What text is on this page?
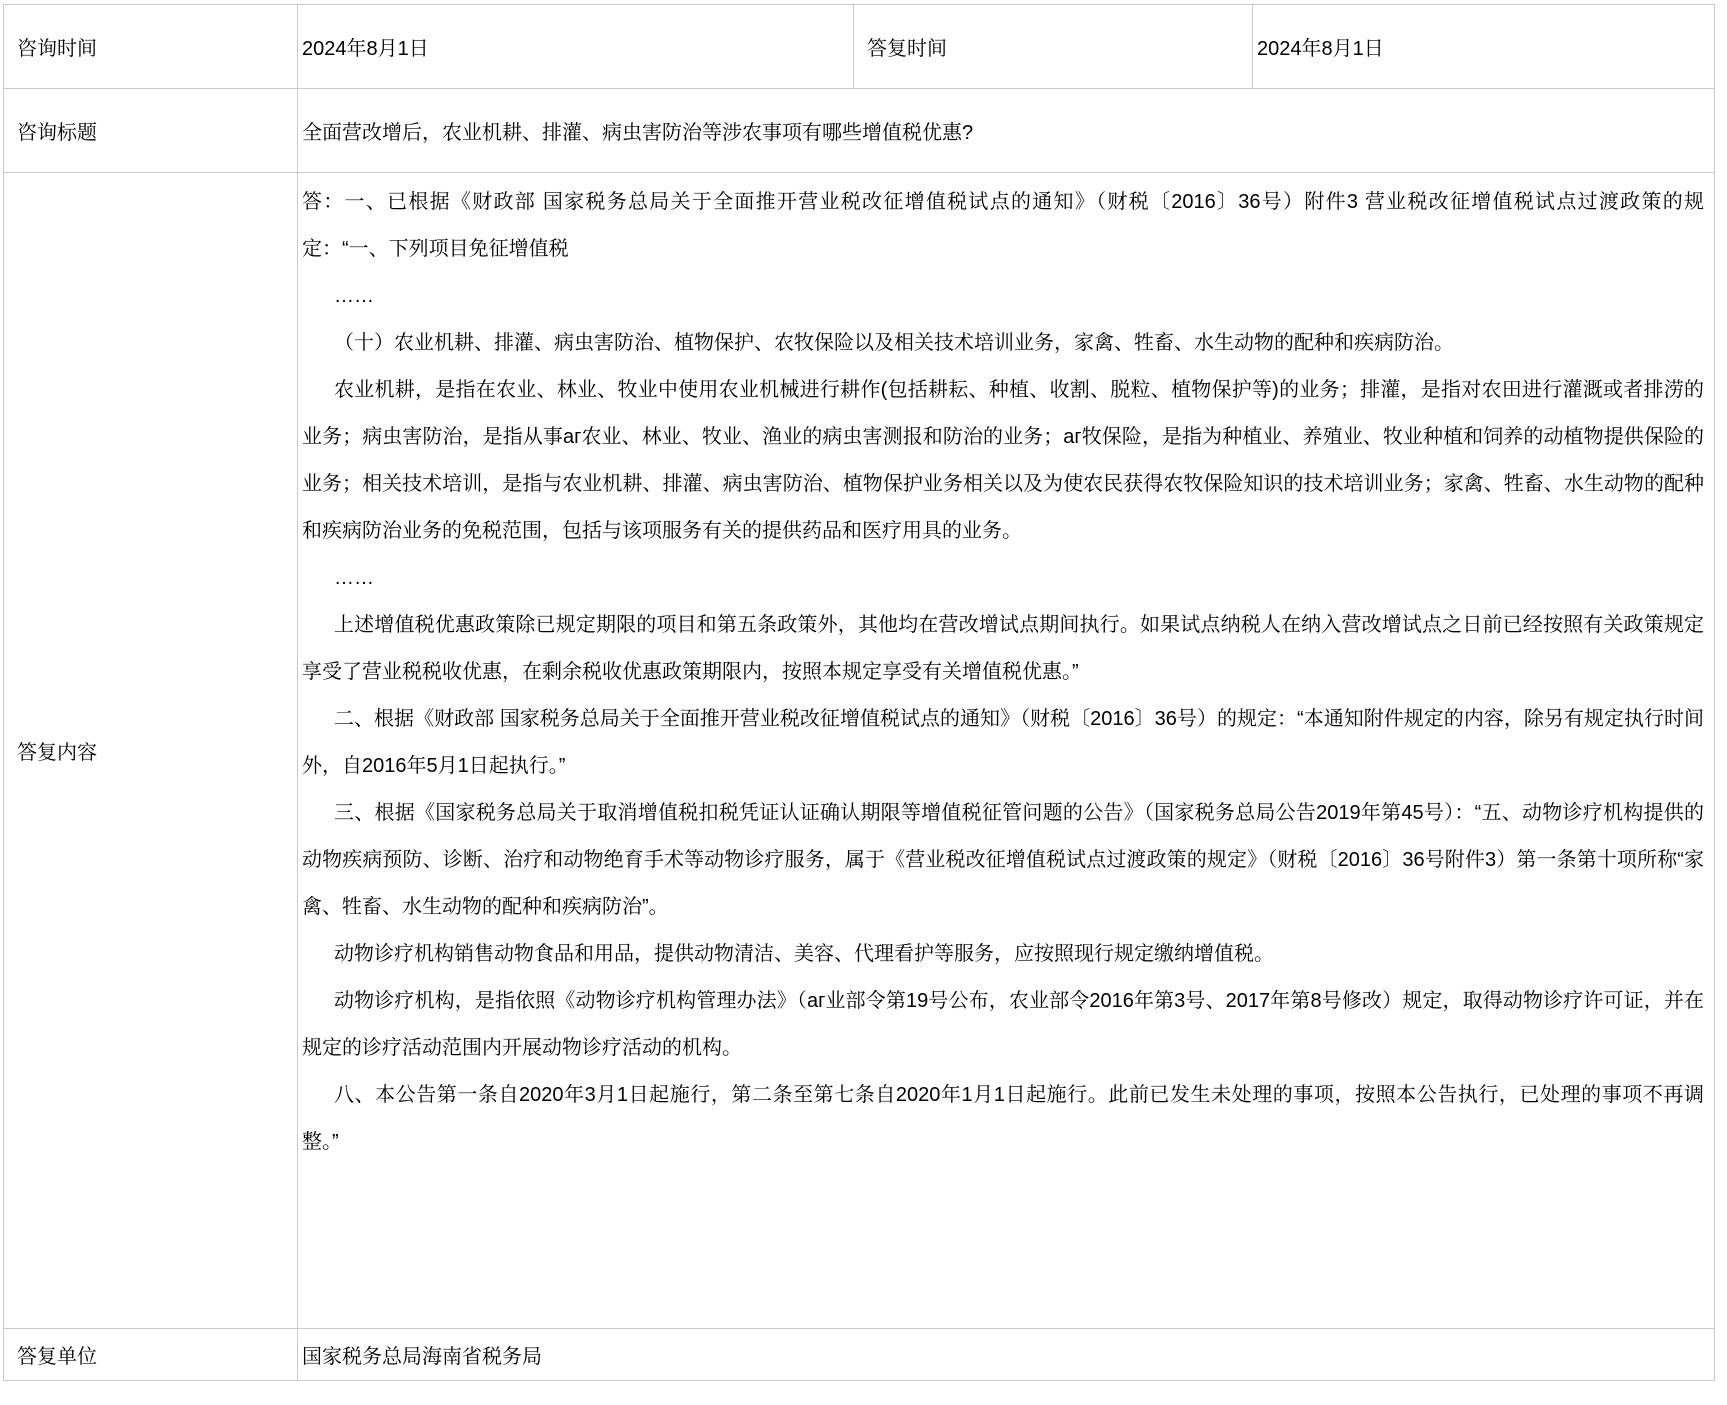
咨询时间	2024年8月1日	答复时间	2024年8月1日
咨询标题	全面营改增后，农业机耕、排灌、病虫害防治等涉农事项有哪些增值税优惠?		
答复内容	

答：一、已根据《财政部 国家税务总局关于全面推开营业税改征增值税试点的通知》（财税〔2016〕36号）附件3 营业税改征增值税试点过渡政策的规定：“一、下列项目免征增值税

……

（十）农业机耕、排灌、病虫害防治、植物保护、农牧保险以及相关技术培训业务，家禽、牲畜、水生动物的配种和疾病防治。

农业机耕，是指在农业、林业、牧业中使用农业机械进行耕作(包括耕耘、种植、收割、脱粒、植物保护等)的业务；排灌，是指对农田进行灌溉或者排涝的业务；病虫害防治，是指从事аг农业、林业、牧业、渔业的病虫害测报和防治的业务；аг牧保险，是指为种植业、养殖业、牧业种植和饲养的动植物提供保险的业务；相关技术培训，是指与农业机耕、排灌、病虫害防治、植物保护业务相关以及为使农民获得农牧保险知识的技术培训业务；家禽、牲畜、水生动物的配种和疾病防治业务的免税范围，包括与该项服务有关的提供药品和医疗用具的业务。

……

上述增值税优惠政策除已规定期限的项目和第五条政策外，其他均在营改增试点期间执行。如果试点纳税人在纳入营改增试点之日前已经按照有关政策规定享受了营业税税收优惠，在剩余税收优惠政策期限内，按照本规定享受有关增值税优惠。”

二、根据《财政部 国家税务总局关于全面推开营业税改征增值税试点的通知》（财税〔2016〕36号）的规定：“本通知附件规定的内容，除另有规定执行时间外，自2016年5月1日起执行。”

三、根据《国家税务总局关于取消增值税扣税凭证认证确认期限等增值税征管问题的公告》（国家税务总局公告2019年第45号）：“五、动物诊疗机构提供的动物疾病预防、诊断、治疗和动物绝育手术等动物诊疗服务，属于《营业税改征增值税试点过渡政策的规定》（财税〔2016〕36号附件3）第一条第十项所称“家禽、牲畜、水生动物的配种和疾病防治”。

动物诊疗机构销售动物食品和用品，提供动物清洁、美容、代理看护等服务，应按照现行规定缴纳增值税。

动物诊疗机构，是指依照《动物诊疗机构管理办法》（аг业部令第19号公布，农业部令2016年第3号、2017年第8号修改）规定，取得动物诊疗许可证，并在规定的诊疗活动范围内开展动物诊疗活动的机构。

八、本公告第一条自2020年3月1日起施行，第二条至第七条自2020年1月1日起施行。此前已发生未处理的事项，按照本公告执行，已处理的事项不再调整。”

答复单位	国家税务总局海南省税务局		
